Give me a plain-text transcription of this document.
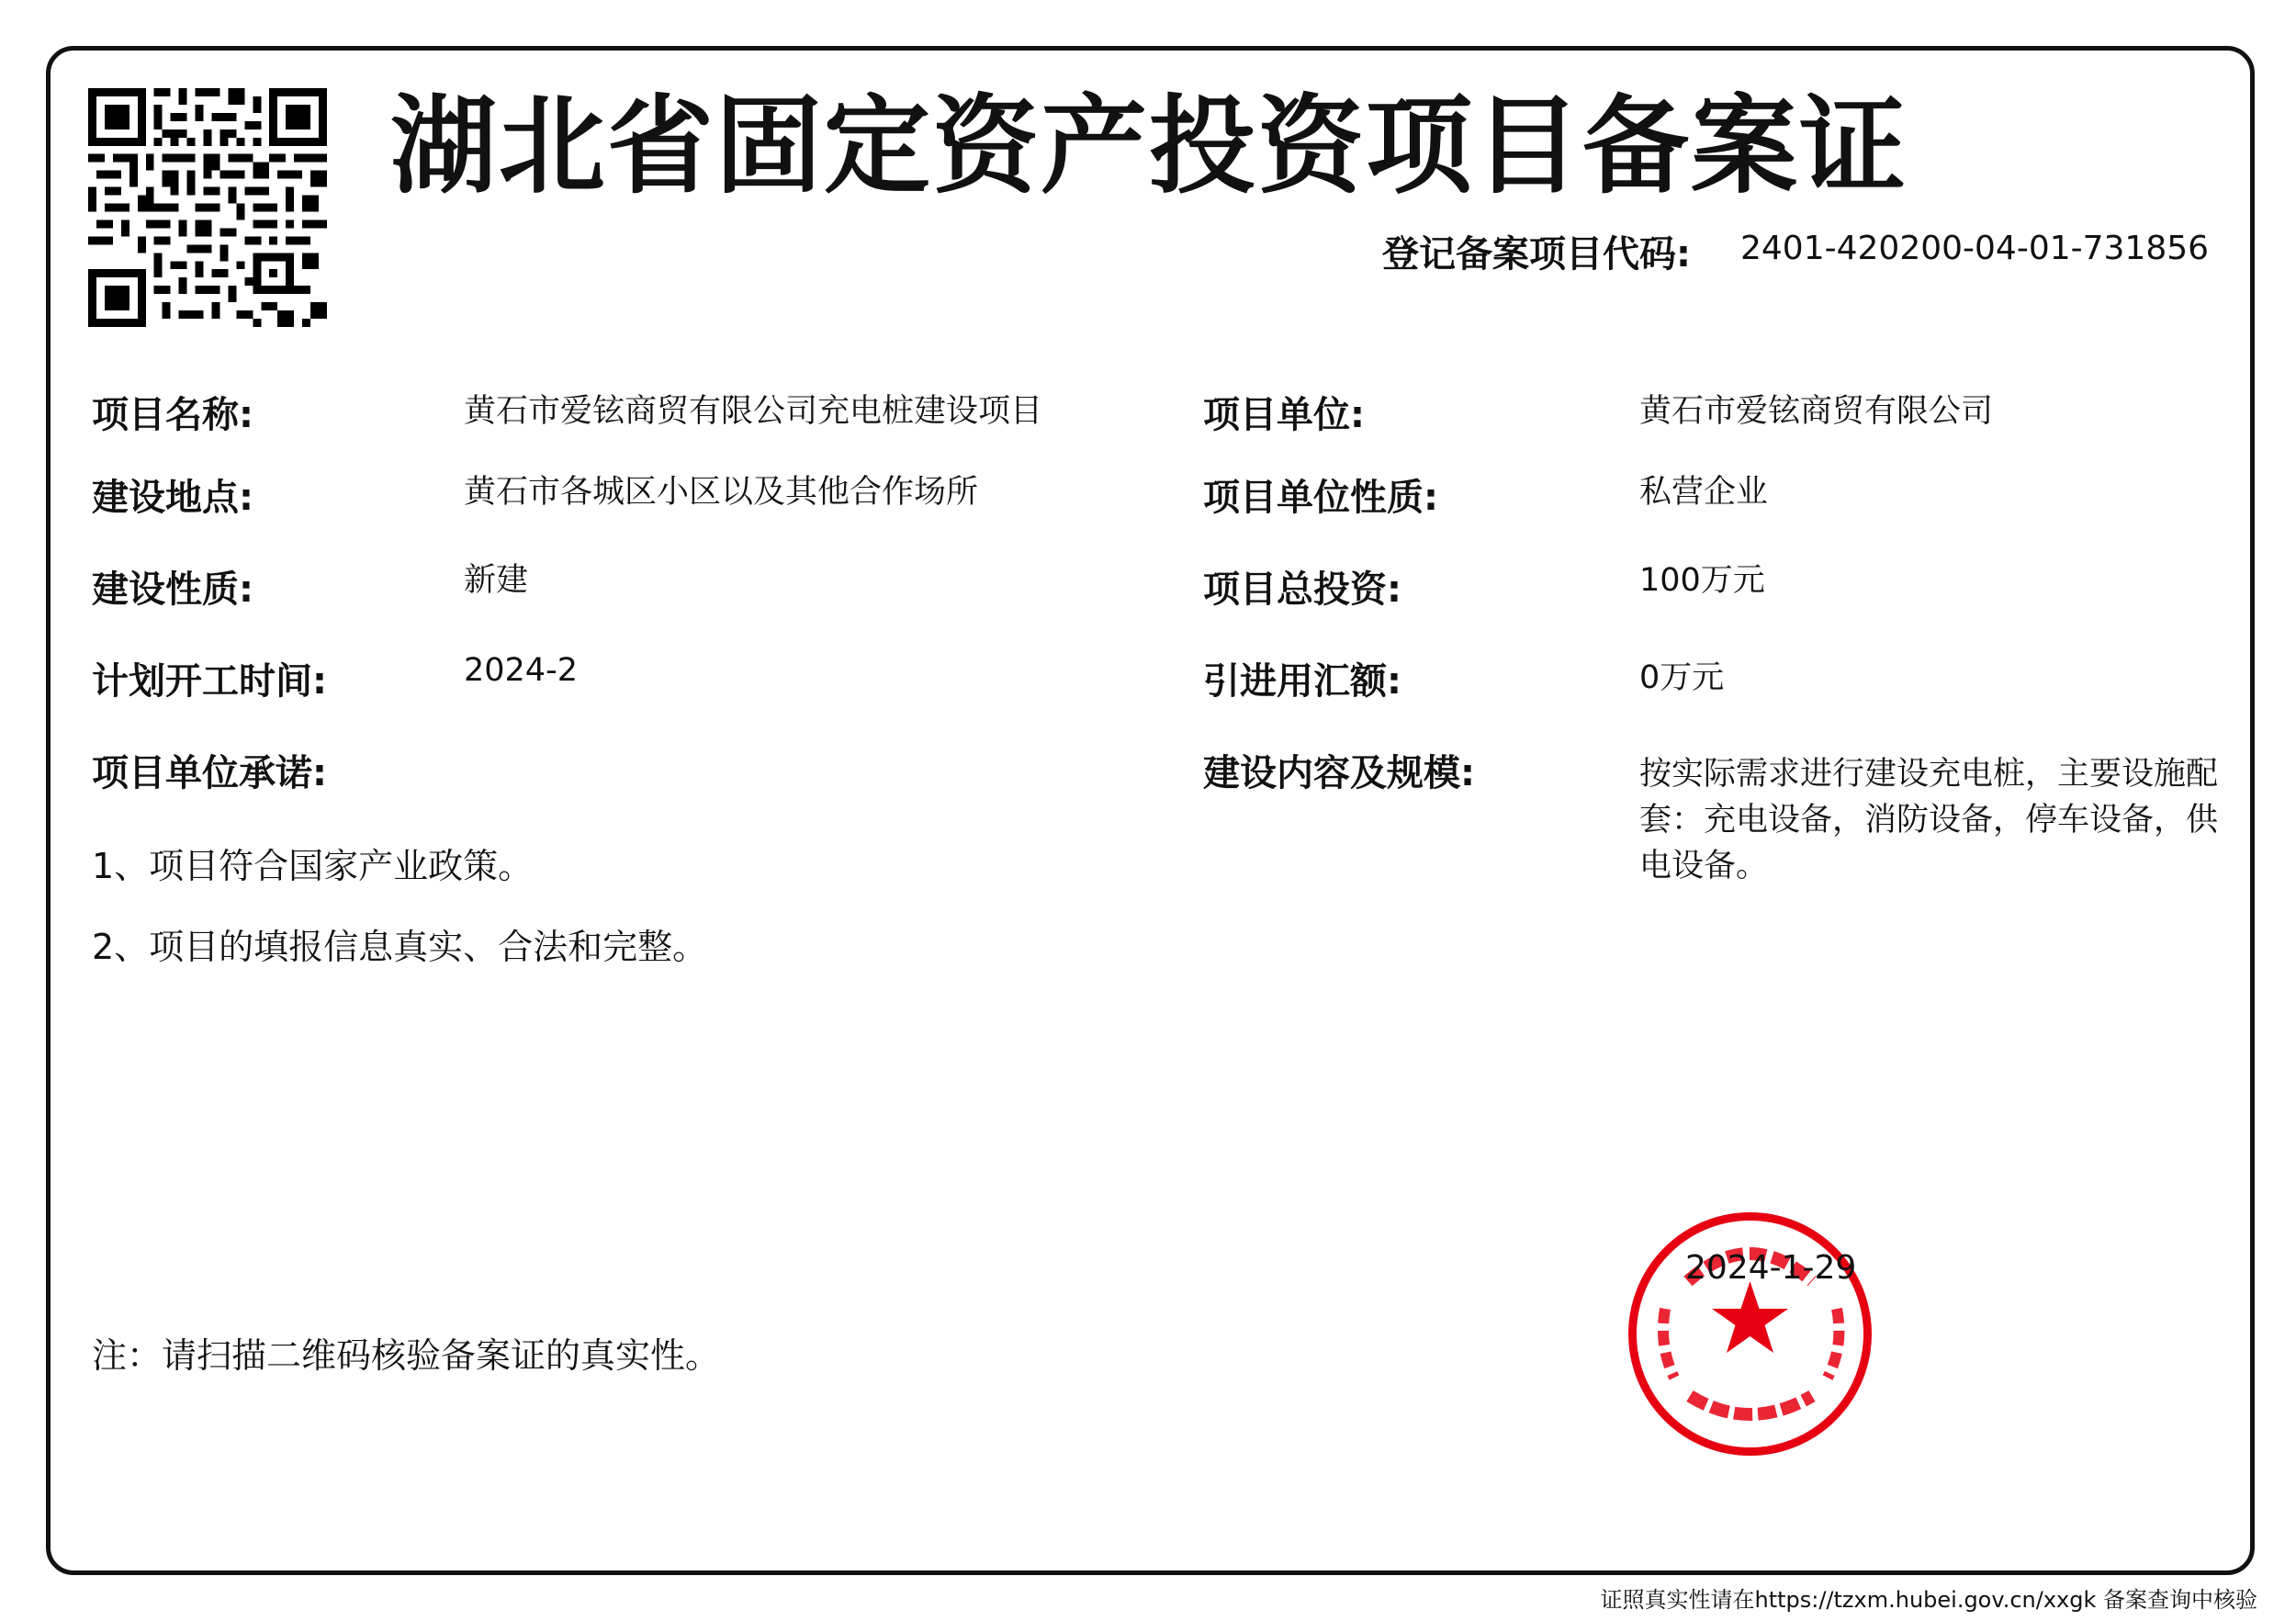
湖北省固定资产投资项目备案证
登记备案项目代码: 2401-420200-04-01-731856
项目名称:	黄石市爱铉商贸有限公司充电桩建设项目
建设地点:	黄石市各城区小区以及其他合作场所
建设性质:	新建
计划开工时间:	2024-2
项目单位承诺:
1、项目符合国家产业政策。
2、项目的填报信息真实、合法和完整。
项目单位:	黄石市爱铉商贸有限公司
项目单位性质:	私营企业
项目总投资:	100万元
引进用汇额:	0万元
建设内容及规模:	按实际需求进行建设充电桩，主要设施配套：充电设备，消防设备，停车设备，供电设备。
注：请扫描二维码核验备案证的真实性。
2024-1-29
证照真实性请在https://tzxm.hubei.gov.cn/xxgk 备案查询中核验
